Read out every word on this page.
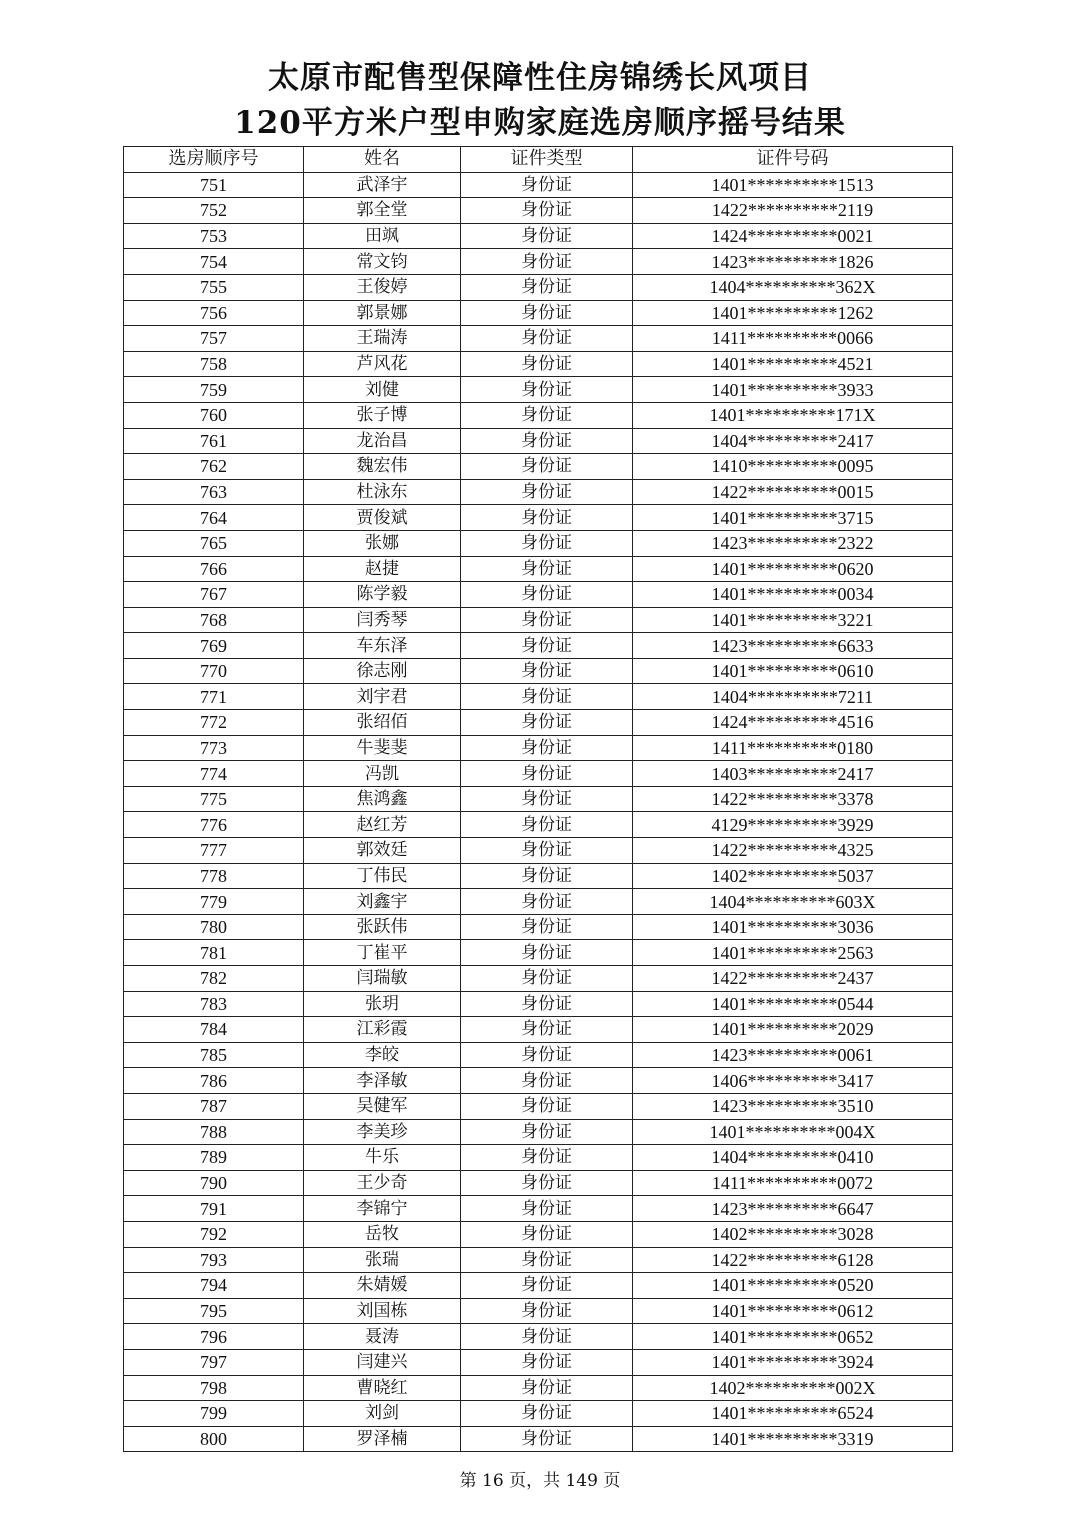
太原市配售型保障性住房锦绣长风项目
120平方米户型申购家庭选房顺序摇号结果
选房顺序号	姓名	证件类型	证件号码
751	武泽宇	身份证	1401**********1513
752	郭全堂	身份证	1422**********2119
753	田飒	身份证	1424**********0021
754	常文钧	身份证	1423**********1826
755	王俊婷	身份证	1404**********362X
756	郭景娜	身份证	1401**********1262
757	王瑞涛	身份证	1411**********0066
758	芦风花	身份证	1401**********4521
759	刘健	身份证	1401**********3933
760	张子博	身份证	1401**********171X
761	龙治昌	身份证	1404**********2417
762	魏宏伟	身份证	1410**********0095
763	杜泳东	身份证	1422**********0015
764	贾俊斌	身份证	1401**********3715
765	张娜	身份证	1423**********2322
766	赵捷	身份证	1401**********0620
767	陈学毅	身份证	1401**********0034
768	闫秀琴	身份证	1401**********3221
769	车东泽	身份证	1423**********6633
770	徐志刚	身份证	1401**********0610
771	刘宇君	身份证	1404**********7211
772	张绍佰	身份证	1424**********4516
773	牛斐斐	身份证	1411**********0180
774	冯凯	身份证	1403**********2417
775	焦鸿鑫	身份证	1422**********3378
776	赵红芳	身份证	4129**********3929
777	郭效廷	身份证	1422**********4325
778	丁伟民	身份证	1402**********5037
779	刘鑫宇	身份证	1404**********603X
780	张跃伟	身份证	1401**********3036
781	丁崔平	身份证	1401**********2563
782	闫瑞敏	身份证	1422**********2437
783	张玥	身份证	1401**********0544
784	江彩霞	身份证	1401**********2029
785	李皎	身份证	1423**********0061
786	李泽敏	身份证	1406**********3417
787	吴健军	身份证	1423**********3510
788	李美珍	身份证	1401**********004X
789	牛乐	身份证	1404**********0410
790	王少奇	身份证	1411**********0072
791	李锦宁	身份证	1423**********6647
792	岳牧	身份证	1402**********3028
793	张瑞	身份证	1422**********6128
794	朱婧媛	身份证	1401**********0520
795	刘国栋	身份证	1401**********0612
796	聂涛	身份证	1401**********0652
797	闫建兴	身份证	1401**********3924
798	曹晓红	身份证	1402**********002X
799	刘剑	身份证	1401**********6524
800	罗泽楠	身份证	1401**********3319
第 16 页，共 149 页
